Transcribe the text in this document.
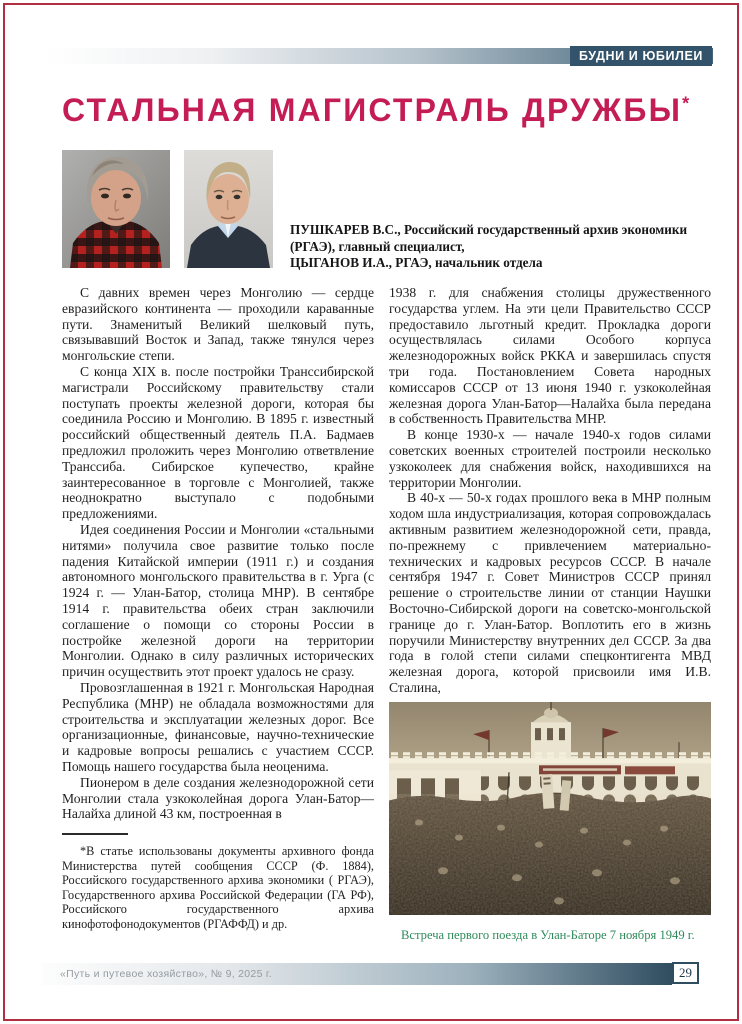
БУДНИ И ЮБИЛЕИ
СТАЛЬНАЯ МАГИСТРАЛЬ ДРУЖБЫ*
ПУШКАРЕВ В.С., Российский государственный архив экономики
(РГАЭ), главный специалист,
ЦЫГАНОВ И.А., РГАЭ, начальник отдела

С давних времен через Монголию — сердце евразийского континента — проходили караванные пути. Знаменитый Великий шелковый путь, связывавший Восток и Запад, также тянулся через монгольские степи.

С конца XIX в. после постройки Транссибирской магистрали Российскому правительству стали поступать проекты железной дороги, которая бы соединила Россию и Монголию. В 1895 г. известный российский общественный деятель П.А. Бадмаев предложил проложить через Монголию ответвление Транссиба. Сибирское купечество, крайне заинтересованное в торговле с Монголией, также неоднократно выступало с подобными предложениями.

Идея соединения России и Монголии «стальными нитями» получила свое развитие только после падения Китайской империи (1911 г.) и создания автономного монгольского правительства в г. Урга (с 1924 г. — Улан-Батор, столица МНР). В сентябре 1914 г. правительства обеих стран заключили соглашение о помощи со стороны России в постройке железной дороги на территории Монголии. Однако в силу различных исторических причин осуществить этот проект удалось не сразу.

Провозглашенная в 1921 г. Монгольская Народная Республика (МНР) не обладала возможностями для строительства и эксплуатации железных дорог. Все организационные, финансовые, научно-технические и кадровые вопросы решались с участием СССР. Помощь нашего государства была неоценима.

Пионером в деле создания железнодорожной сети Монголии стала узкоколейная дорога Улан-Батор—Налайха длиной 43 км, построенная в

*В статье использованы документы архивного фонда Министерства путей сообщения СССР (Ф. 1884), Российского государственного архива экономики ( РГАЭ), Государственного архива Российской Федерации (ГА РФ), Российского государственного архива кинофотофонодокументов (РГАФФД) и др.

1938 г. для снабжения столицы дружественного государства углем. На эти цели Правительство СССР предоставило льготный кредит. Прокладка дороги осуществлялась силами Особого корпуса железнодорожных войск РККА и завершилась спустя три года. Постановлением Совета народных комиссаров СССР от 13 июня 1940 г. узкоколейная железная дорога Улан-Батор—Налайха была передана в собственность Правительства МНР.

В конце 1930-х — начале 1940-х годов силами советских военных строителей построили несколько узкоколеек для снабжения войск, находившихся на территории Монголии.

В 40-х — 50-х годах прошлого века в МНР полным ходом шла индустриализация, которая сопровождалась активным развитием железнодорожной сети, правда, по-прежнему с привлечением материально-технических и кадровых ресурсов СССР. В начале сентября 1947 г. Совет Министров СССР принял решение о строительстве линии от станции Наушки Восточно-Сибирской дороги на советско-монгольской границе до г. Улан-Батор. Воплотить его в жизнь поручили Министерству внутренних дел СССР. За два года в голой степи силами спецконтигента МВД железная дорога, которой присвоили имя И.В. Сталина,

Встреча первого поезда в Улан-Баторе 7 ноября 1949 г.
«Путь и путевое хозяйство», № 9, 2025 г.	29
